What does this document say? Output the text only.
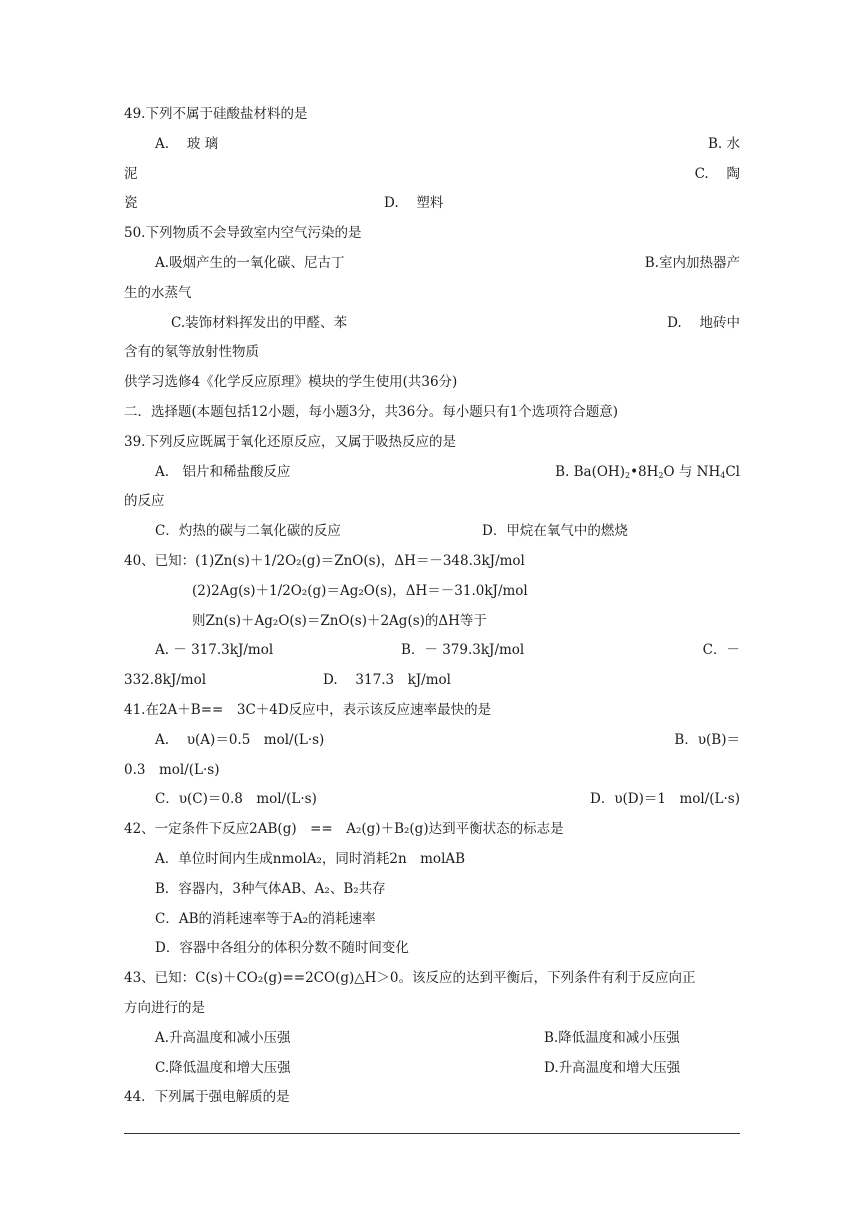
49.下列不属于硅酸盐材料的是
A.　 玻 璃	B. 水
泥	C.　 陶
瓷	D.　 塑料
50.下列物质不会导致室内空气污染的是
A.吸烟产生的一氧化碳、尼古丁	B.室内加热器产
生的水蒸气
C.装饰材料挥发出的甲醛、苯	D.　 地砖中
含有的氡等放射性物质
供学习选修4《化学反应原理》模块的学生使用(共36分)
二．选择题(本题包括12小题，每小题3分，共36分。每小题只有1个选项符合题意)
39.下列反应既属于氧化还原反应，又属于吸热反应的是
A.　铝片和稀盐酸反应	B. $Ba(OH)_2•8H_2O$ 与 $NH_4Cl$
的反应
C．灼热的碳与二氧化碳的反应	D．甲烷在氧气中的燃烧
40、已知：(1)Zn(s)＋1/2O₂(g)＝ZnO(s)，ΔH＝－348.3kJ/mol
(2)2Ag(s)＋1/2O₂(g)＝Ag₂O(s)，ΔH＝－31.0kJ/mol
则Zn(s)＋Ag₂O(s)＝ZnO(s)＋2Ag(s)的ΔH等于
A. － 317.3kJ/mol	B．－ 379.3kJ/mol	C．－
332.8kJ/mol	D.　 317.3　kJ/mol
41.在2A＋B==　3C＋4D反应中，表示该反应速率最快的是
A.　 υ(A)＝0.5　mol/(L·s)	B．υ(B)＝
0.3　mol/(L·s)
C．υ(C)＝0.8　mol/(L·s)	D．υ(D)＝1　mol/(L·s)
42、一定条件下反应2AB(g)　==　A₂(g)＋B₂(g)达到平衡状态的标志是
A．单位时间内生成nmolA₂，同时消耗2n　molAB
B．容器内，3种气体AB、A₂、B₂共存
C．AB的消耗速率等于A₂的消耗速率
D．容器中各组分的体积分数不随时间变化
43、已知：C(s)＋CO₂(g)==2CO(g)△H＞0。该反应的达到平衡后，下列条件有利于反应向正
方向进行的是
A.升高温度和减小压强	B.降低温度和减小压强
C.降低温度和增大压强	D.升高温度和增大压强
44．下列属于强电解质的是
